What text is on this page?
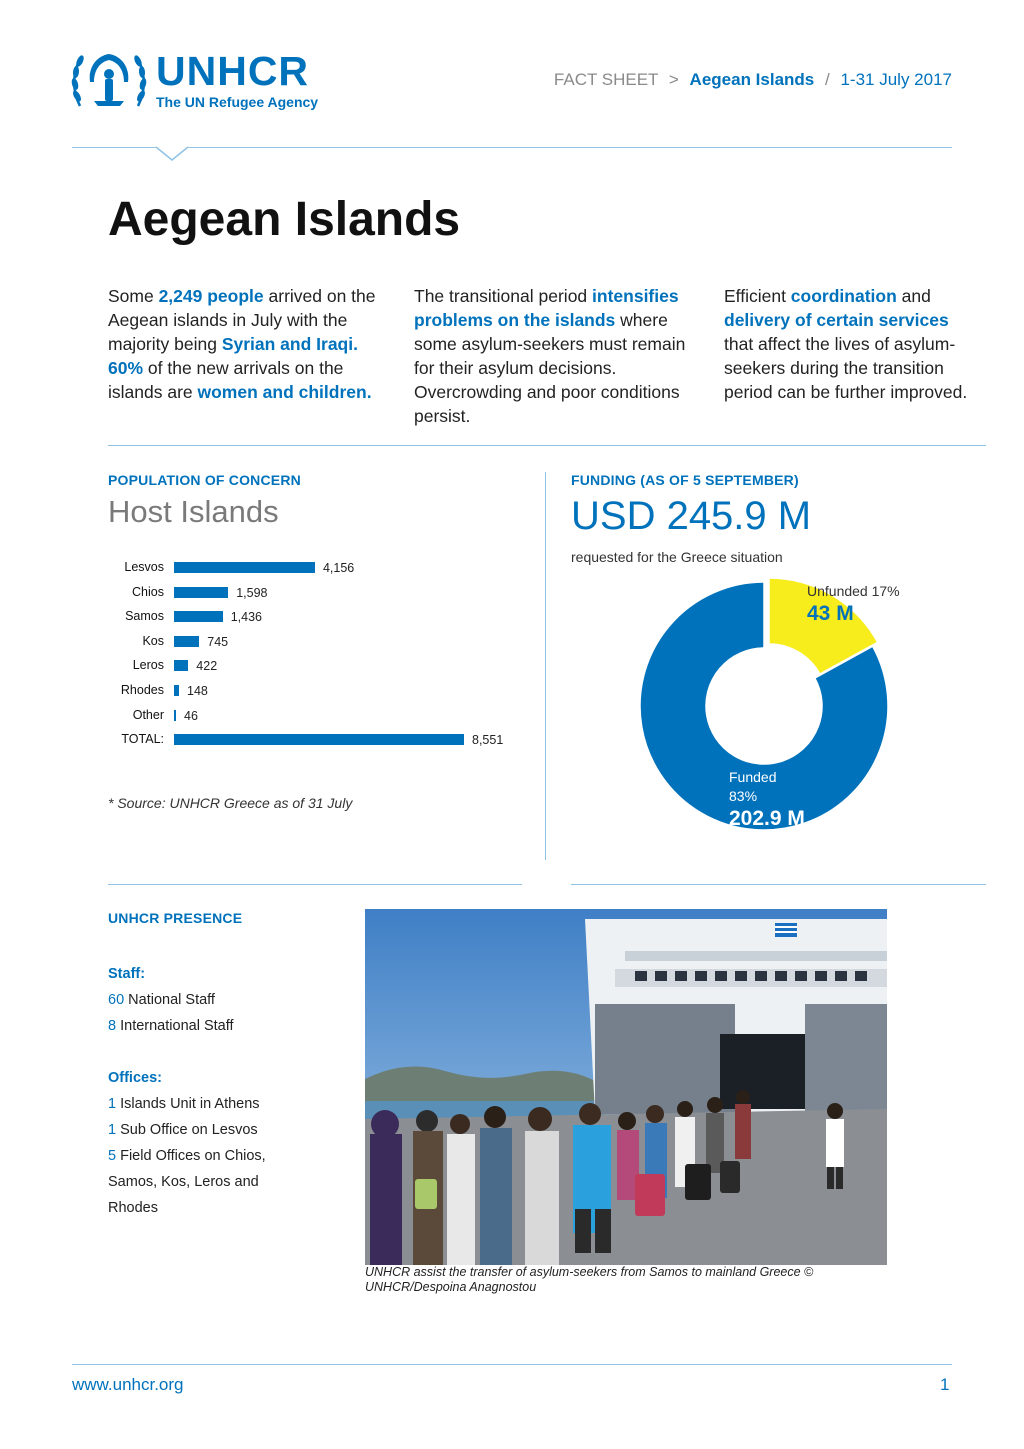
UNHCR
The UN Refugee Agency
FACT SHEET > Aegean Islands / 1-31 July 2017
Aegean Islands
Some 2,249 people arrived on the Aegean islands in July with the majority being Syrian and Iraqi. 60% of the new arrivals on the islands are women and children.
The transitional period intensifies problems on the islands where some asylum-seekers must remain for their asylum decisions. Overcrowding and poor conditions persist.
Efficient coordination and delivery of certain services that affect the lives of asylum-seekers during the transition period can be further improved.
POPULATION OF CONCERN
Host Islands
Lesvos	4,156
Chios	1,598
Samos	1,436
Kos	745
Leros	422
Rhodes 148
Other 46
TOTAL:	8,551
* Source: UNHCR Greece as of 31 July
FUNDING (AS OF 5 SEPTEMBER)
USD 245.9 M
requested for the Greece situation
Unfunded 17%
43 M
Funded
83%
202.9 M
UNHCR PRESENCE
Staff:
60 National Staff
8 International Staff
Offices:
1 Islands Unit in Athens
1 Sub Office on Lesvos
5 Field Offices on Chios,
Samos, Kos, Leros and
Rhodes
UNHCR assist the transfer of asylum-seekers from Samos to mainland Greece © UNHCR/Despoina Anagnostou
www.unhcr.org	1
